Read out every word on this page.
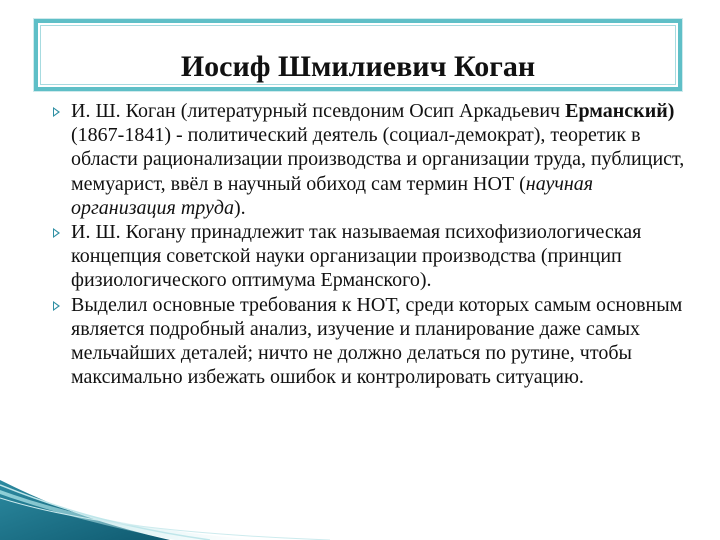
Иосиф Шмилиевич Коган
И. Ш. Коган (литературный псевдоним Осип Аркадьевич Ерманский) (1867-1841) - политический деятель (социал-демократ), теоретик в области рационализации производства и организации труда, публицист, мемуарист, ввёл в научный обиход сам термин НОТ (научная организация труда).
И. Ш. Когану принадлежит так называемая психофизиологическая концепция советской науки организации производства (принцип физиологического оптимума Ерманского).
Выделил основные требования к НОТ, среди которых самым основным является подробный анализ, изучение и планирование даже самых мельчайших деталей; ничто не должно делаться по рутине, чтобы максимально избежать ошибок и контролировать ситуацию.
